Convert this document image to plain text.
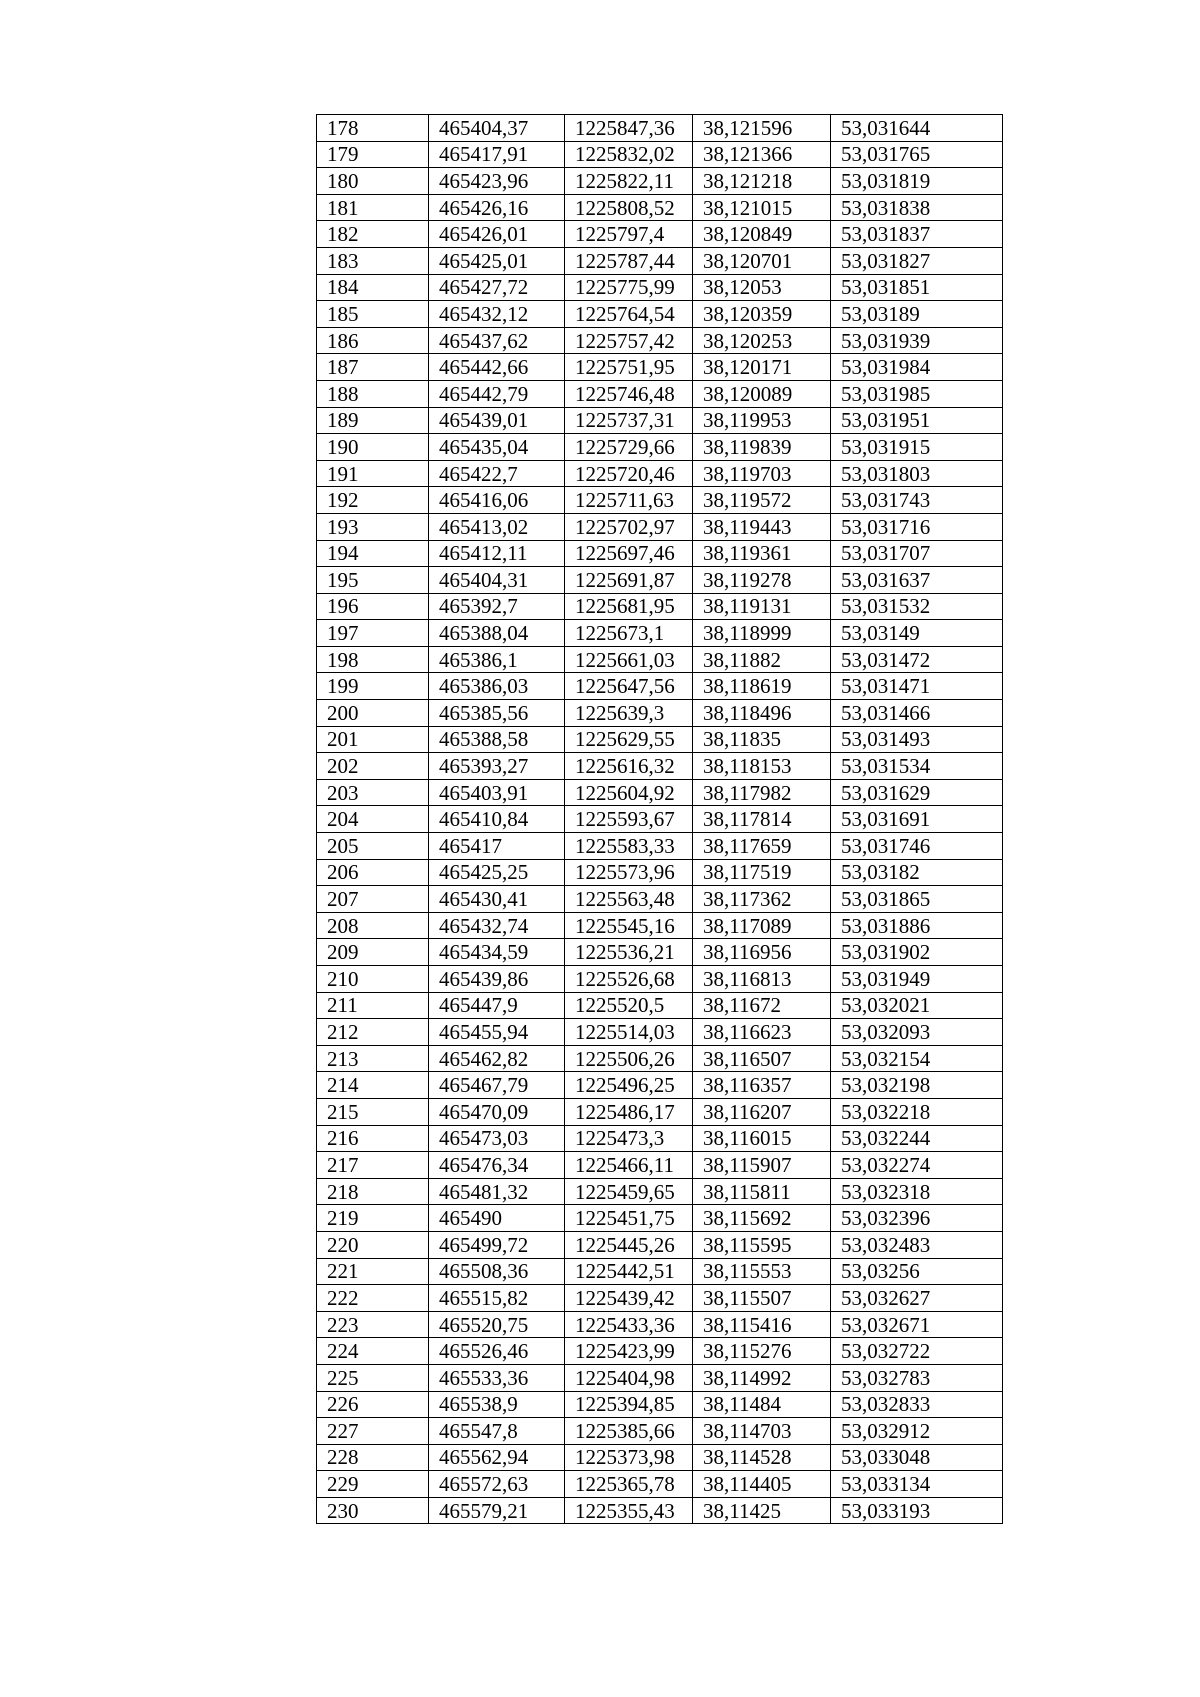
178	465404,37	1225847,36	38,121596	53,031644
179	465417,91	1225832,02	38,121366	53,031765
180	465423,96	1225822,11	38,121218	53,031819
181	465426,16	1225808,52	38,121015	53,031838
182	465426,01	1225797,4	38,120849	53,031837
183	465425,01	1225787,44	38,120701	53,031827
184	465427,72	1225775,99	38,12053	53,031851
185	465432,12	1225764,54	38,120359	53,03189
186	465437,62	1225757,42	38,120253	53,031939
187	465442,66	1225751,95	38,120171	53,031984
188	465442,79	1225746,48	38,120089	53,031985
189	465439,01	1225737,31	38,119953	53,031951
190	465435,04	1225729,66	38,119839	53,031915
191	465422,7	1225720,46	38,119703	53,031803
192	465416,06	1225711,63	38,119572	53,031743
193	465413,02	1225702,97	38,119443	53,031716
194	465412,11	1225697,46	38,119361	53,031707
195	465404,31	1225691,87	38,119278	53,031637
196	465392,7	1225681,95	38,119131	53,031532
197	465388,04	1225673,1	38,118999	53,03149
198	465386,1	1225661,03	38,11882	53,031472
199	465386,03	1225647,56	38,118619	53,031471
200	465385,56	1225639,3	38,118496	53,031466
201	465388,58	1225629,55	38,11835	53,031493
202	465393,27	1225616,32	38,118153	53,031534
203	465403,91	1225604,92	38,117982	53,031629
204	465410,84	1225593,67	38,117814	53,031691
205	465417	1225583,33	38,117659	53,031746
206	465425,25	1225573,96	38,117519	53,03182
207	465430,41	1225563,48	38,117362	53,031865
208	465432,74	1225545,16	38,117089	53,031886
209	465434,59	1225536,21	38,116956	53,031902
210	465439,86	1225526,68	38,116813	53,031949
211	465447,9	1225520,5	38,11672	53,032021
212	465455,94	1225514,03	38,116623	53,032093
213	465462,82	1225506,26	38,116507	53,032154
214	465467,79	1225496,25	38,116357	53,032198
215	465470,09	1225486,17	38,116207	53,032218
216	465473,03	1225473,3	38,116015	53,032244
217	465476,34	1225466,11	38,115907	53,032274
218	465481,32	1225459,65	38,115811	53,032318
219	465490	1225451,75	38,115692	53,032396
220	465499,72	1225445,26	38,115595	53,032483
221	465508,36	1225442,51	38,115553	53,03256
222	465515,82	1225439,42	38,115507	53,032627
223	465520,75	1225433,36	38,115416	53,032671
224	465526,46	1225423,99	38,115276	53,032722
225	465533,36	1225404,98	38,114992	53,032783
226	465538,9	1225394,85	38,11484	53,032833
227	465547,8	1225385,66	38,114703	53,032912
228	465562,94	1225373,98	38,114528	53,033048
229	465572,63	1225365,78	38,114405	53,033134
230	465579,21	1225355,43	38,11425	53,033193
